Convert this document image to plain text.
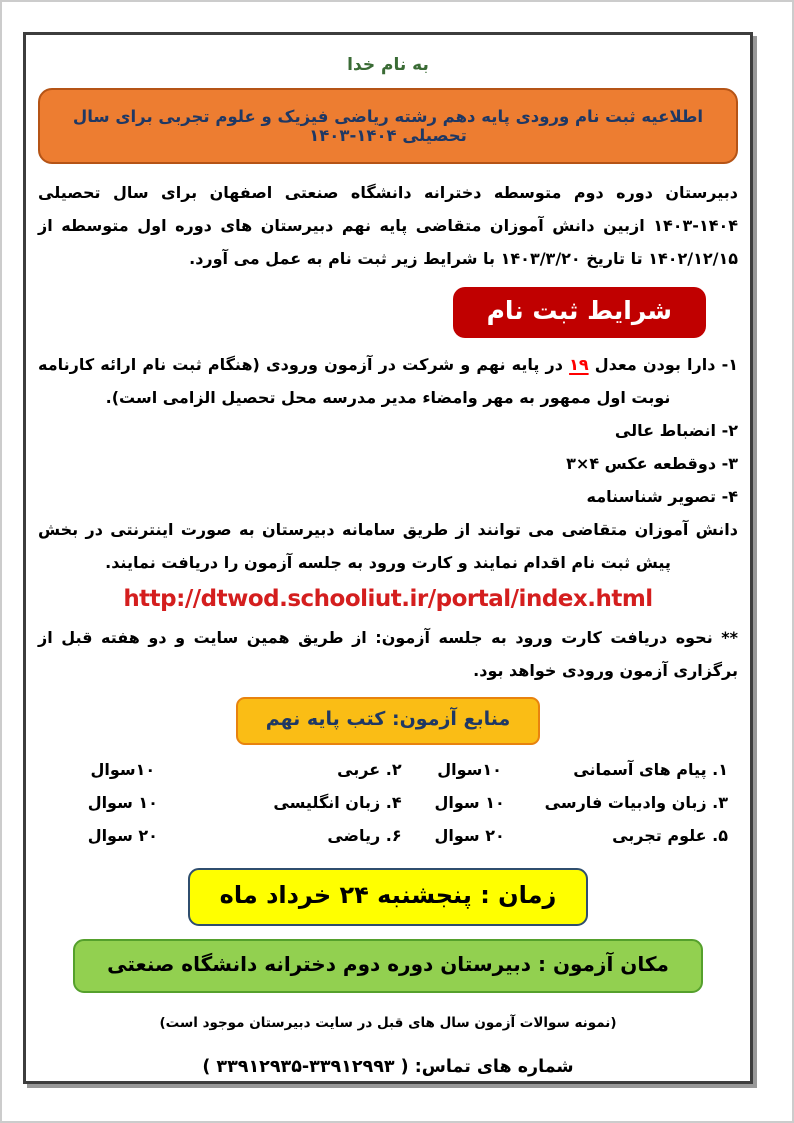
به نام خدا
اطلاعیه ثبت نام ورودی پایه دهم رشته ریاضی فیزیک و علوم تجربی برای سال تحصیلی ۱۴۰۴-۱۴۰۳
دبیرستان دوره دوم متوسطه دخترانه دانشگاه صنعتی اصفهان برای سال تحصیلی ۱۴۰۴-۱۴۰۳ ازبین دانش آموزان متقاضی پایه نهم دبیرستان های دوره اول متوسطه از ۱۴۰۲/۱۲/۱۵ تا تاریخ ۱۴۰۳/۳/۲۰ با شرایط زیر ثبت نام به عمل می آورد.
شرایط ثبت نام
۱- دارا بودن معدل ۱۹ در پایه نهم و شرکت در آزمون ورودی (هنگام ثبت نام ارائه کارنامه نوبت اول ممهور به مهر وامضاء مدیر مدرسه محل تحصیل الزامی است).
۲- انضباط عالی
۳- دوقطعه عکس ۴×۳
۴- تصویر شناسنامه
دانش آموزان متقاضی می توانند از طریق سامانه دبیرستان به صورت اینترنتی در بخش پیش ثبت نام اقدام نمایند و کارت ورود به جلسه آزمون را دریافت نمایند.
http://dtwod.schooliut.ir/portal/index.html
** نحوه دریافت کارت ورود به جلسه آزمون: از طریق همین سایت و دو هفته قبل از برگزاری آزمون ورودی خواهد بود.
منابع آزمون: کتب پایه نهم
۱. پیام های آسمانی
۱۰سوال
۲. عربی
۱۰سوال
۳. زبان وادبیات فارسی
۱۰ سوال
۴. زبان انگلیسی
۱۰ سوال
۵. علوم تجربی
۲۰ سوال
۶. ریاضی
۲۰ سوال
زمان : پنجشنبه ۲۴ خرداد ماه
مکان آزمون : دبیرستان دوره دوم دخترانه دانشگاه صنعتی
(نمونه سوالات آزمون سال های قبل در سایت دبیرستان موجود است)
شماره های تماس: ( ۳۳۹۱۲۹۹۳-۳۳۹۱۲۹۳۵ )
